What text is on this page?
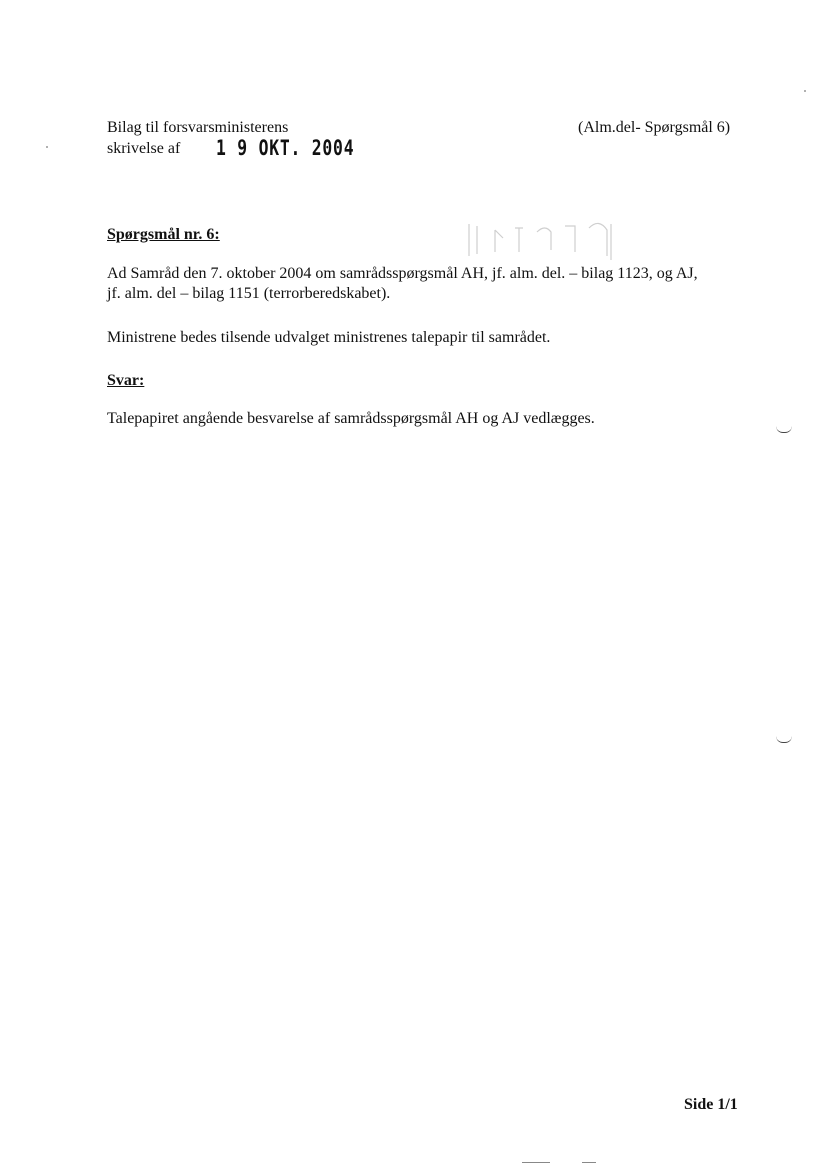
Bilag til forsvarsministerens
skrivelse af 1 9 OKT. 2004
(Alm.del- Spørgsmål 6)
Spørgsmål nr. 6:
Ad Samråd den 7. oktober 2004 om samrådsspørgsmål AH, jf. alm. del. – bilag 1123, og AJ,
jf. alm. del – bilag 1151 (terrorberedskabet).
Ministrene bedes tilsende udvalget ministrenes talepapir til samrådet.
Svar:
Talepapiret angående besvarelse af samrådsspørgsmål AH og AJ vedlægges.
Side 1/1
